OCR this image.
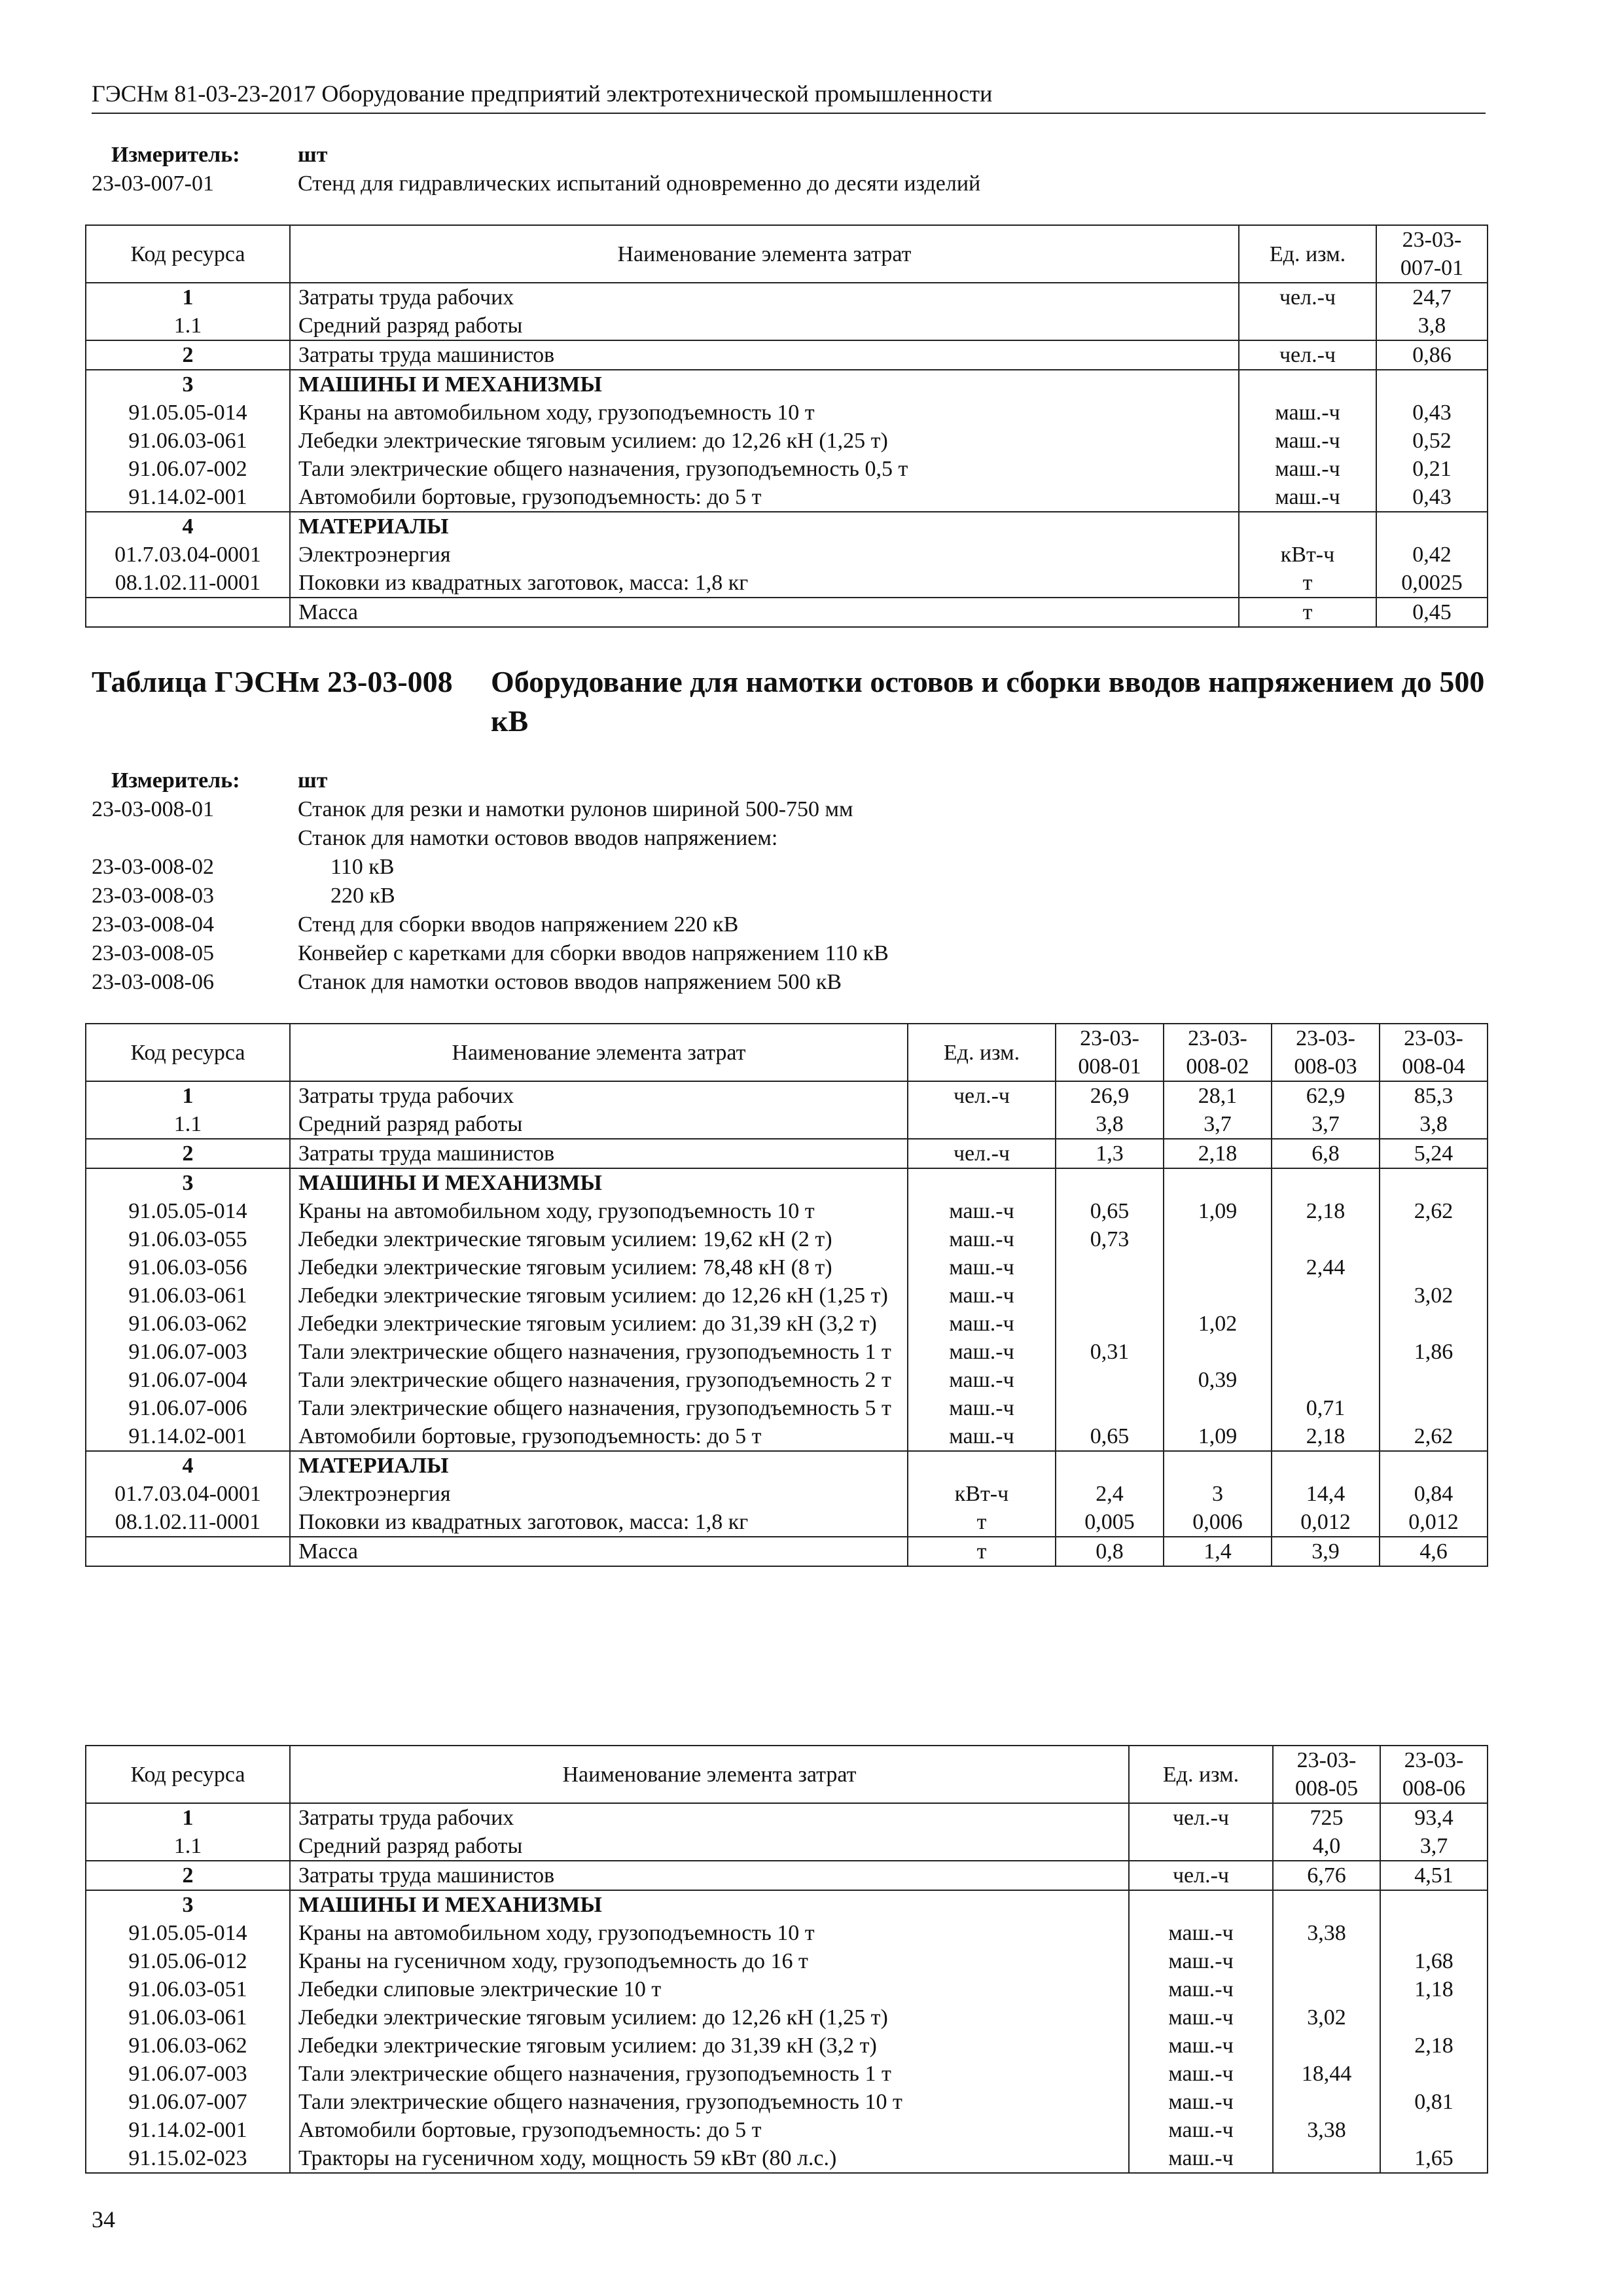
ГЭСНм 81-03-23-2017 Оборудование предприятий электротехнической промышленности
Измеритель:	шт
23-03-007-01	Стенд для гидравлических испытаний одновременно до десяти изделий
Код ресурса	Наименование элемента затрат	Ед. изм.	23-03-
007-01
1	Затраты труда рабочих	чел.-ч	24,7
1.1	Средний разряд работы		3,8
2	Затраты труда машинистов	чел.-ч	0,86
3	МАШИНЫ И МЕХАНИЗМЫ		
91.05.05-014	Краны на автомобильном ходу, грузоподъемность 10 т	маш.-ч	0,43
91.06.03-061	Лебедки электрические тяговым усилием: до 12,26 кН (1,25 т)	маш.-ч	0,52
91.06.07-002	Тали электрические общего назначения, грузоподъемность 0,5 т	маш.-ч	0,21
91.14.02-001	Автомобили бортовые, грузоподъемность: до 5 т	маш.-ч	0,43
4	МАТЕРИАЛЫ		
01.7.03.04-0001	Электроэнергия	кВт-ч	0,42
08.1.02.11-0001	Поковки из квадратных заготовок, масса: 1,8 кг	т	0,0025
	Масса	т	0,45
Таблица ГЭСНм 23-03-008	Оборудование для намотки остовов и сборки вводов напряжением до 500 кВ
Измеритель:	шт
23-03-008-01	Станок для резки и намотки рулонов шириной 500-750 мм
Станок для намотки остовов вводов напряжением:
23-03-008-02	110 кВ
23-03-008-03	220 кВ
23-03-008-04	Стенд для сборки вводов напряжением 220 кВ
23-03-008-05	Конвейер с каретками для сборки вводов напряжением 110 кВ
23-03-008-06	Станок для намотки остовов вводов напряжением 500 кВ
Код ресурса	Наименование элемента затрат	Ед. изм.	23-03-
008-01	23-03-
008-02	23-03-
008-03	23-03-
008-04
1	Затраты труда рабочих	чел.-ч	26,9	28,1	62,9	85,3
1.1	Средний разряд работы		3,8	3,7	3,7	3,8
2	Затраты труда машинистов	чел.-ч	1,3	2,18	6,8	5,24
3	МАШИНЫ И МЕХАНИЗМЫ					
91.05.05-014	Краны на автомобильном ходу, грузоподъемность 10 т	маш.-ч	0,65	1,09	2,18	2,62
91.06.03-055	Лебедки электрические тяговым усилием: 19,62 кН (2 т)	маш.-ч	0,73			
91.06.03-056	Лебедки электрические тяговым усилием: 78,48 кН (8 т)	маш.-ч			2,44	
91.06.03-061	Лебедки электрические тяговым усилием: до 12,26 кН (1,25 т)	маш.-ч				3,02
91.06.03-062	Лебедки электрические тяговым усилием: до 31,39 кН (3,2 т)	маш.-ч		1,02		
91.06.07-003	Тали электрические общего назначения, грузоподъемность 1 т	маш.-ч	0,31			1,86
91.06.07-004	Тали электрические общего назначения, грузоподъемность 2 т	маш.-ч		0,39		
91.06.07-006	Тали электрические общего назначения, грузоподъемность 5 т	маш.-ч			0,71	
91.14.02-001	Автомобили бортовые, грузоподъемность: до 5 т	маш.-ч	0,65	1,09	2,18	2,62
4	МАТЕРИАЛЫ					
01.7.03.04-0001	Электроэнергия	кВт-ч	2,4	3	14,4	0,84
08.1.02.11-0001	Поковки из квадратных заготовок, масса: 1,8 кг	т	0,005	0,006	0,012	0,012
	Масса	т	0,8	1,4	3,9	4,6
Код ресурса	Наименование элемента затрат	Ед. изм.	23-03-
008-05	23-03-
008-06
1	Затраты труда рабочих	чел.-ч	725	93,4
1.1	Средний разряд работы		4,0	3,7
2	Затраты труда машинистов	чел.-ч	6,76	4,51
3	МАШИНЫ И МЕХАНИЗМЫ			
91.05.05-014	Краны на автомобильном ходу, грузоподъемность 10 т	маш.-ч	3,38	
91.05.06-012	Краны на гусеничном ходу, грузоподъемность до 16 т	маш.-ч		1,68
91.06.03-051	Лебедки слиповые электрические 10 т	маш.-ч		1,18
91.06.03-061	Лебедки электрические тяговым усилием: до 12,26 кН (1,25 т)	маш.-ч	3,02	
91.06.03-062	Лебедки электрические тяговым усилием: до 31,39 кН (3,2 т)	маш.-ч		2,18
91.06.07-003	Тали электрические общего назначения, грузоподъемность 1 т	маш.-ч	18,44	
91.06.07-007	Тали электрические общего назначения, грузоподъемность 10 т	маш.-ч		0,81
91.14.02-001	Автомобили бортовые, грузоподъемность: до 5 т	маш.-ч	3,38	
91.15.02-023	Тракторы на гусеничном ходу, мощность 59 кВт (80 л.с.)	маш.-ч		1,65
34
